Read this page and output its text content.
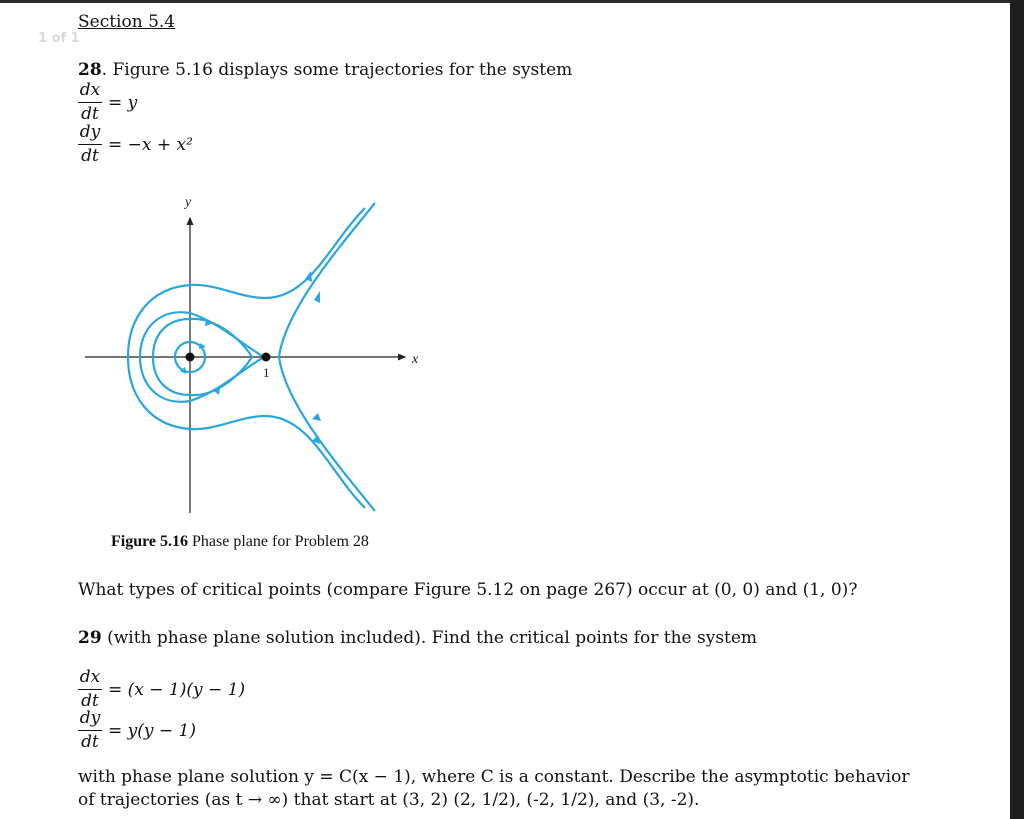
Section 5.4
28. Figure 5.16 displays some trajectories for the system
dx
dt
= y
dy
dt
= −x + x²
x
y
1
Figure 5.16 Phase plane for Problem 28
What types of critical points (compare Figure 5.12 on page 267) occur at (0, 0) and (1, 0)?
29 (with phase plane solution included). Find the critical points for the system
dx
dt
= (x − 1)(y − 1)
dy
dt
= y(y − 1)
with phase plane solution y = C(x − 1), where C is a constant. Describe the asymptotic behavior
of trajectories (as t → ∞) that start at (3, 2) (2, 1/2), (-2, 1/2), and (3, -2).
1 of 1
